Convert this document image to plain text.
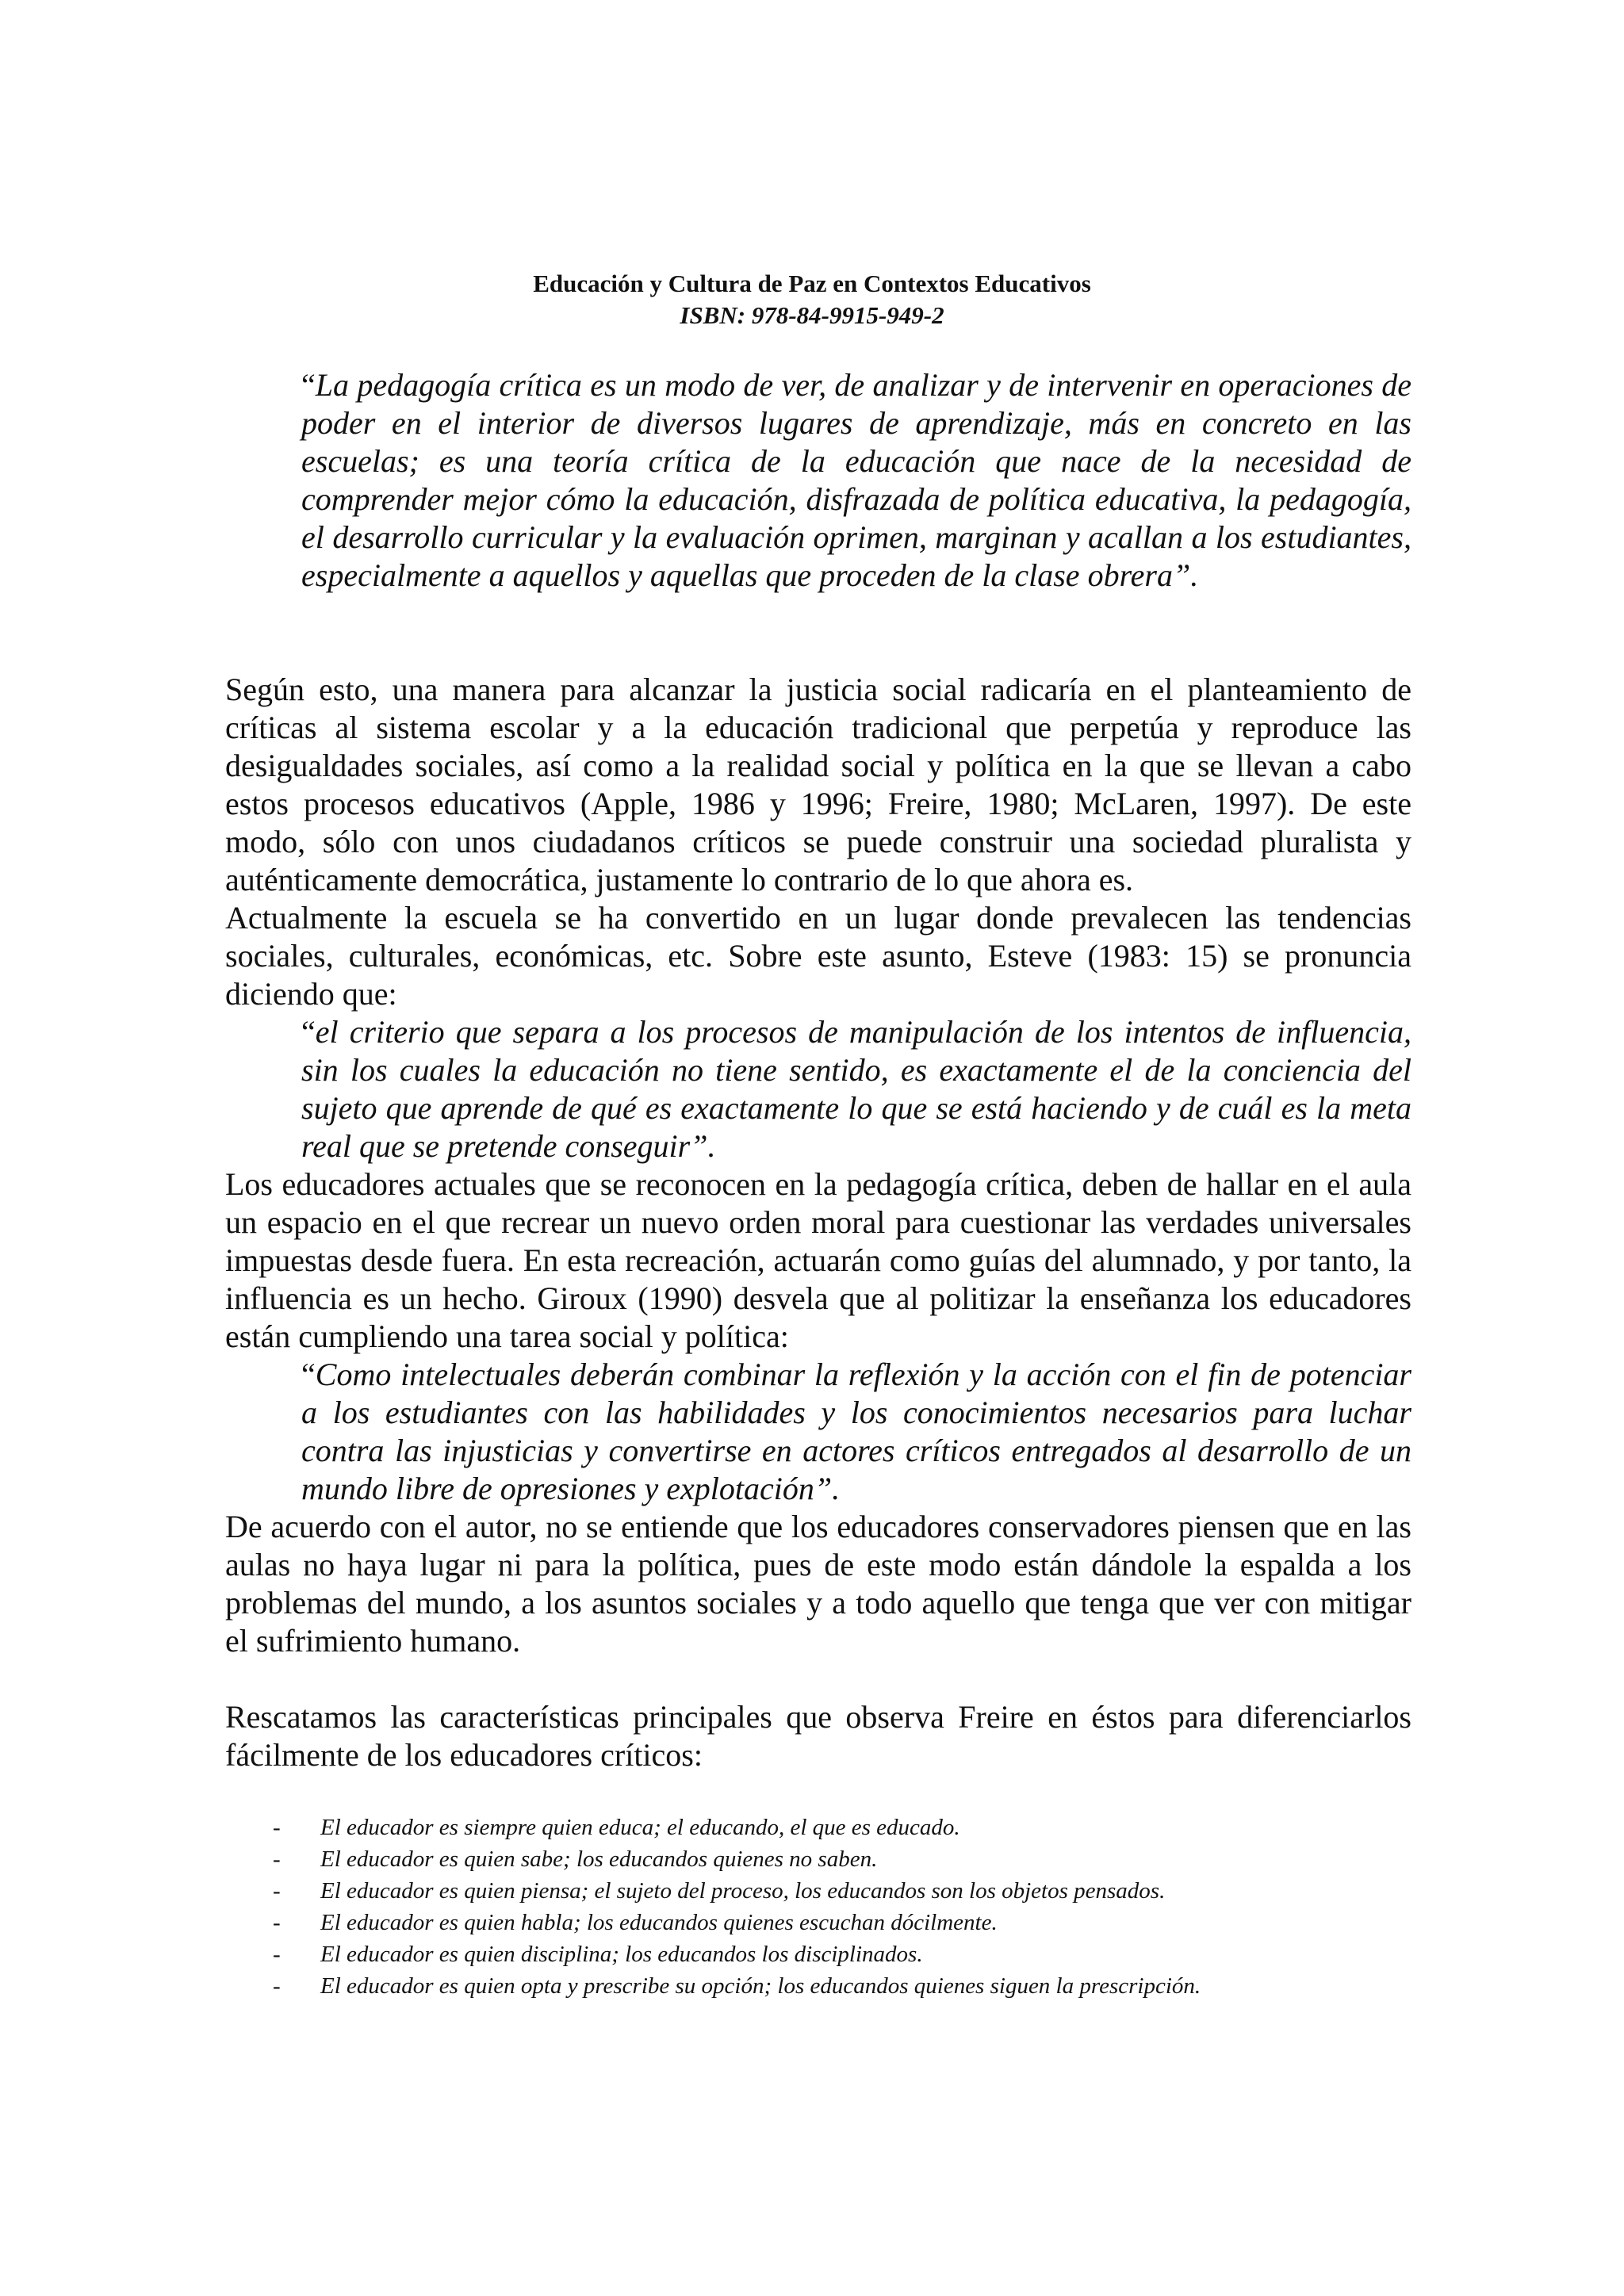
Educación y Cultura de Paz en Contextos Educativos
ISBN: 978-84-9915-949-2

“La pedagogía crítica es un modo de ver, de analizar y de intervenir en operaciones de poder en el interior de diversos lugares de aprendizaje, más en concreto en las escuelas; es una teoría crítica de la educación que nace de la necesidad de comprender mejor cómo la educación, disfrazada de política educativa, la pedagogía, el desarrollo curricular y la evaluación oprimen, marginan y acallan a los estudiantes, especialmente a aquellos y aquellas que proceden de la clase obrera”.

Según esto, una manera para alcanzar la justicia social radicaría en el planteamiento de críticas al sistema escolar y a la educación tradicional que perpetúa y reproduce las desigualdades sociales, así como a la realidad social y política en la que se llevan a cabo estos procesos educativos (Apple, 1986 y 1996; Freire, 1980; McLaren, 1997). De este modo, sólo con unos ciudadanos críticos se puede construir una sociedad pluralista y auténticamente democrática, justamente lo contrario de lo que ahora es.

Actualmente la escuela se ha convertido en un lugar donde prevalecen las tendencias sociales, culturales, económicas, etc. Sobre este asunto, Esteve (1983: 15) se pronuncia diciendo que:

“el criterio que separa a los procesos de manipulación de los intentos de influencia, sin los cuales la educación no tiene sentido, es exactamente el de la conciencia del sujeto que aprende de qué es exactamente lo que se está haciendo y de cuál es la meta real que se pretende conseguir”.

Los educadores actuales que se reconocen en la pedagogía crítica, deben de hallar en el aula un espacio en el que recrear un nuevo orden moral para cuestionar las verdades universales impuestas desde fuera. En esta recreación, actuarán como guías del alumnado, y por tanto, la influencia es un hecho. Giroux (1990) desvela que al politizar la enseñanza los educadores están cumpliendo una tarea social y política:

“Como intelectuales deberán combinar la reflexión y la acción con el fin de potenciar a los estudiantes con las habilidades y los conocimientos necesarios para luchar contra las injusticias y convertirse en actores críticos entregados al desarrollo de un mundo libre de opresiones y explotación”.

De acuerdo con el autor, no se entiende que los educadores conservadores piensen que en las aulas no haya lugar ni para la política, pues de este modo están dándole la espalda a los problemas del mundo, a los asuntos sociales y a todo aquello que tenga que ver con mitigar el sufrimiento humano.

Rescatamos las características principales que observa Freire en éstos para diferenciarlos fácilmente de los educadores críticos:

-	El educador es siempre quien educa; el educando, el que es educado.
-	El educador es quien sabe; los educandos quienes no saben.
-	El educador es quien piensa; el sujeto del proceso, los educandos son los objetos pensados.
-	El educador es quien habla; los educandos quienes escuchan dócilmente.
-	El educador es quien disciplina; los educandos los disciplinados.
-	El educador es quien opta y prescribe su opción; los educandos quienes siguen la prescripción.
